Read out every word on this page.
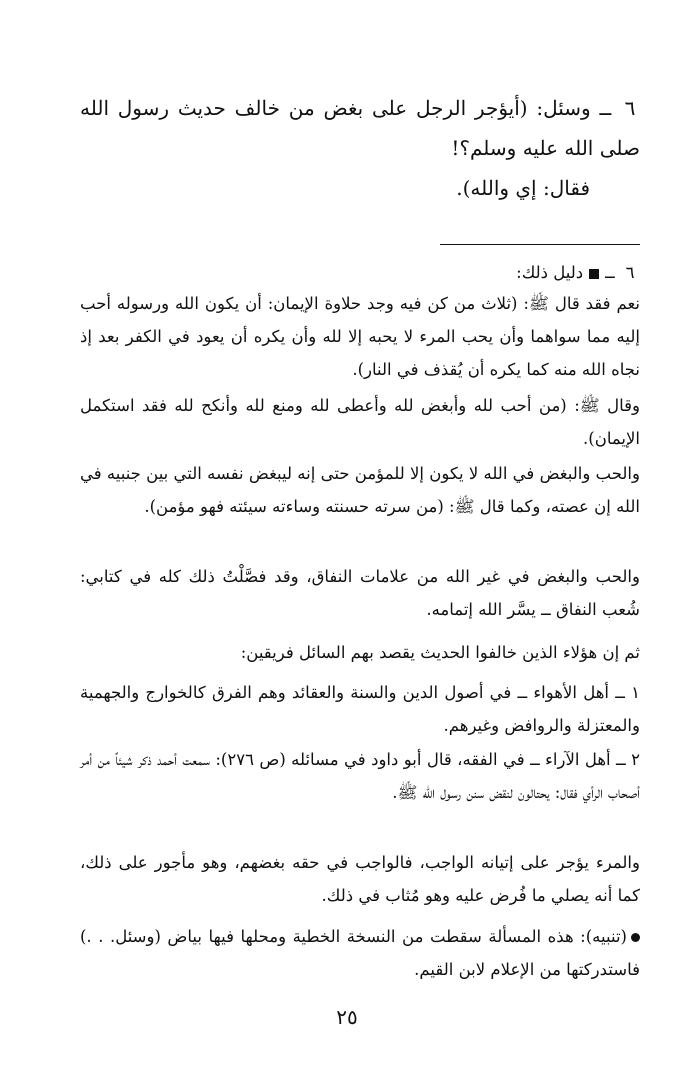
٦ ــ وسئل: (أيؤجر الرجل على بغض من خالف حديث رسول الله صلى الله عليه وسلم؟!

فقال: إي والله).

٦ ــدليل ذلك:

نعم فقد قال ﷺ: (ثلاث من كن فيه وجد حلاوة الإيمان: أن يكون الله ورسوله أحب إليه مما سواهما وأن يحب المرء لا يحبه إلا لله وأن يكره أن يعود في الكفر بعد إذ نجاه الله منه كما يكره أن يُقذف في النار).

وقال ﷺ: (من أحب لله وأبغض لله وأعطى لله ومنع لله وأنكح لله فقد استكمل الإيمان).

والحب والبغض في الله لا يكون إلا للمؤمن حتى إنه ليبغض نفسه التي بين جنبيه في الله إن عصته، وكما قال ﷺ: (من سرته حسنته وساءته سيئته فهو مؤمن).

والحب والبغض في غير الله من علامات النفاق، وقد فصَّلْتُ ذلك كله في كتابي: شُعب النفاق ــ يسَّر الله إتمامه.

ثم إن هؤلاء الذين خالفوا الحديث يقصد بهم السائل فريقين:

١ ــ أهل الأهواء ــ في أصول الدين والسنة والعقائد وهم الفرق كالخوارج والجهمية والمعتزلة والروافض وغيرهم.

٢ ــ أهل الآراء ــ في الفقه، قال أبو داود في مسائله (ص ٢٧٦): سمعت أحمد ذكر شيئاً من أمر أصحاب الرأي فقال: يحتالون لنقض سنن رسول الله ﷺ.

والمرء يؤجر على إتيانه الواجب، فالواجب في حقه بغضهم، وهو مأجور على ذلك، كما أنه يصلي ما فُرض عليه وهو مُثاب في ذلك.

(تنبيه): هذه المسألة سقطت من النسخة الخطية ومحلها فيها بياض (وسئل. . .) فاستدركتها من الإعلام لابن القيم.

٢٥
